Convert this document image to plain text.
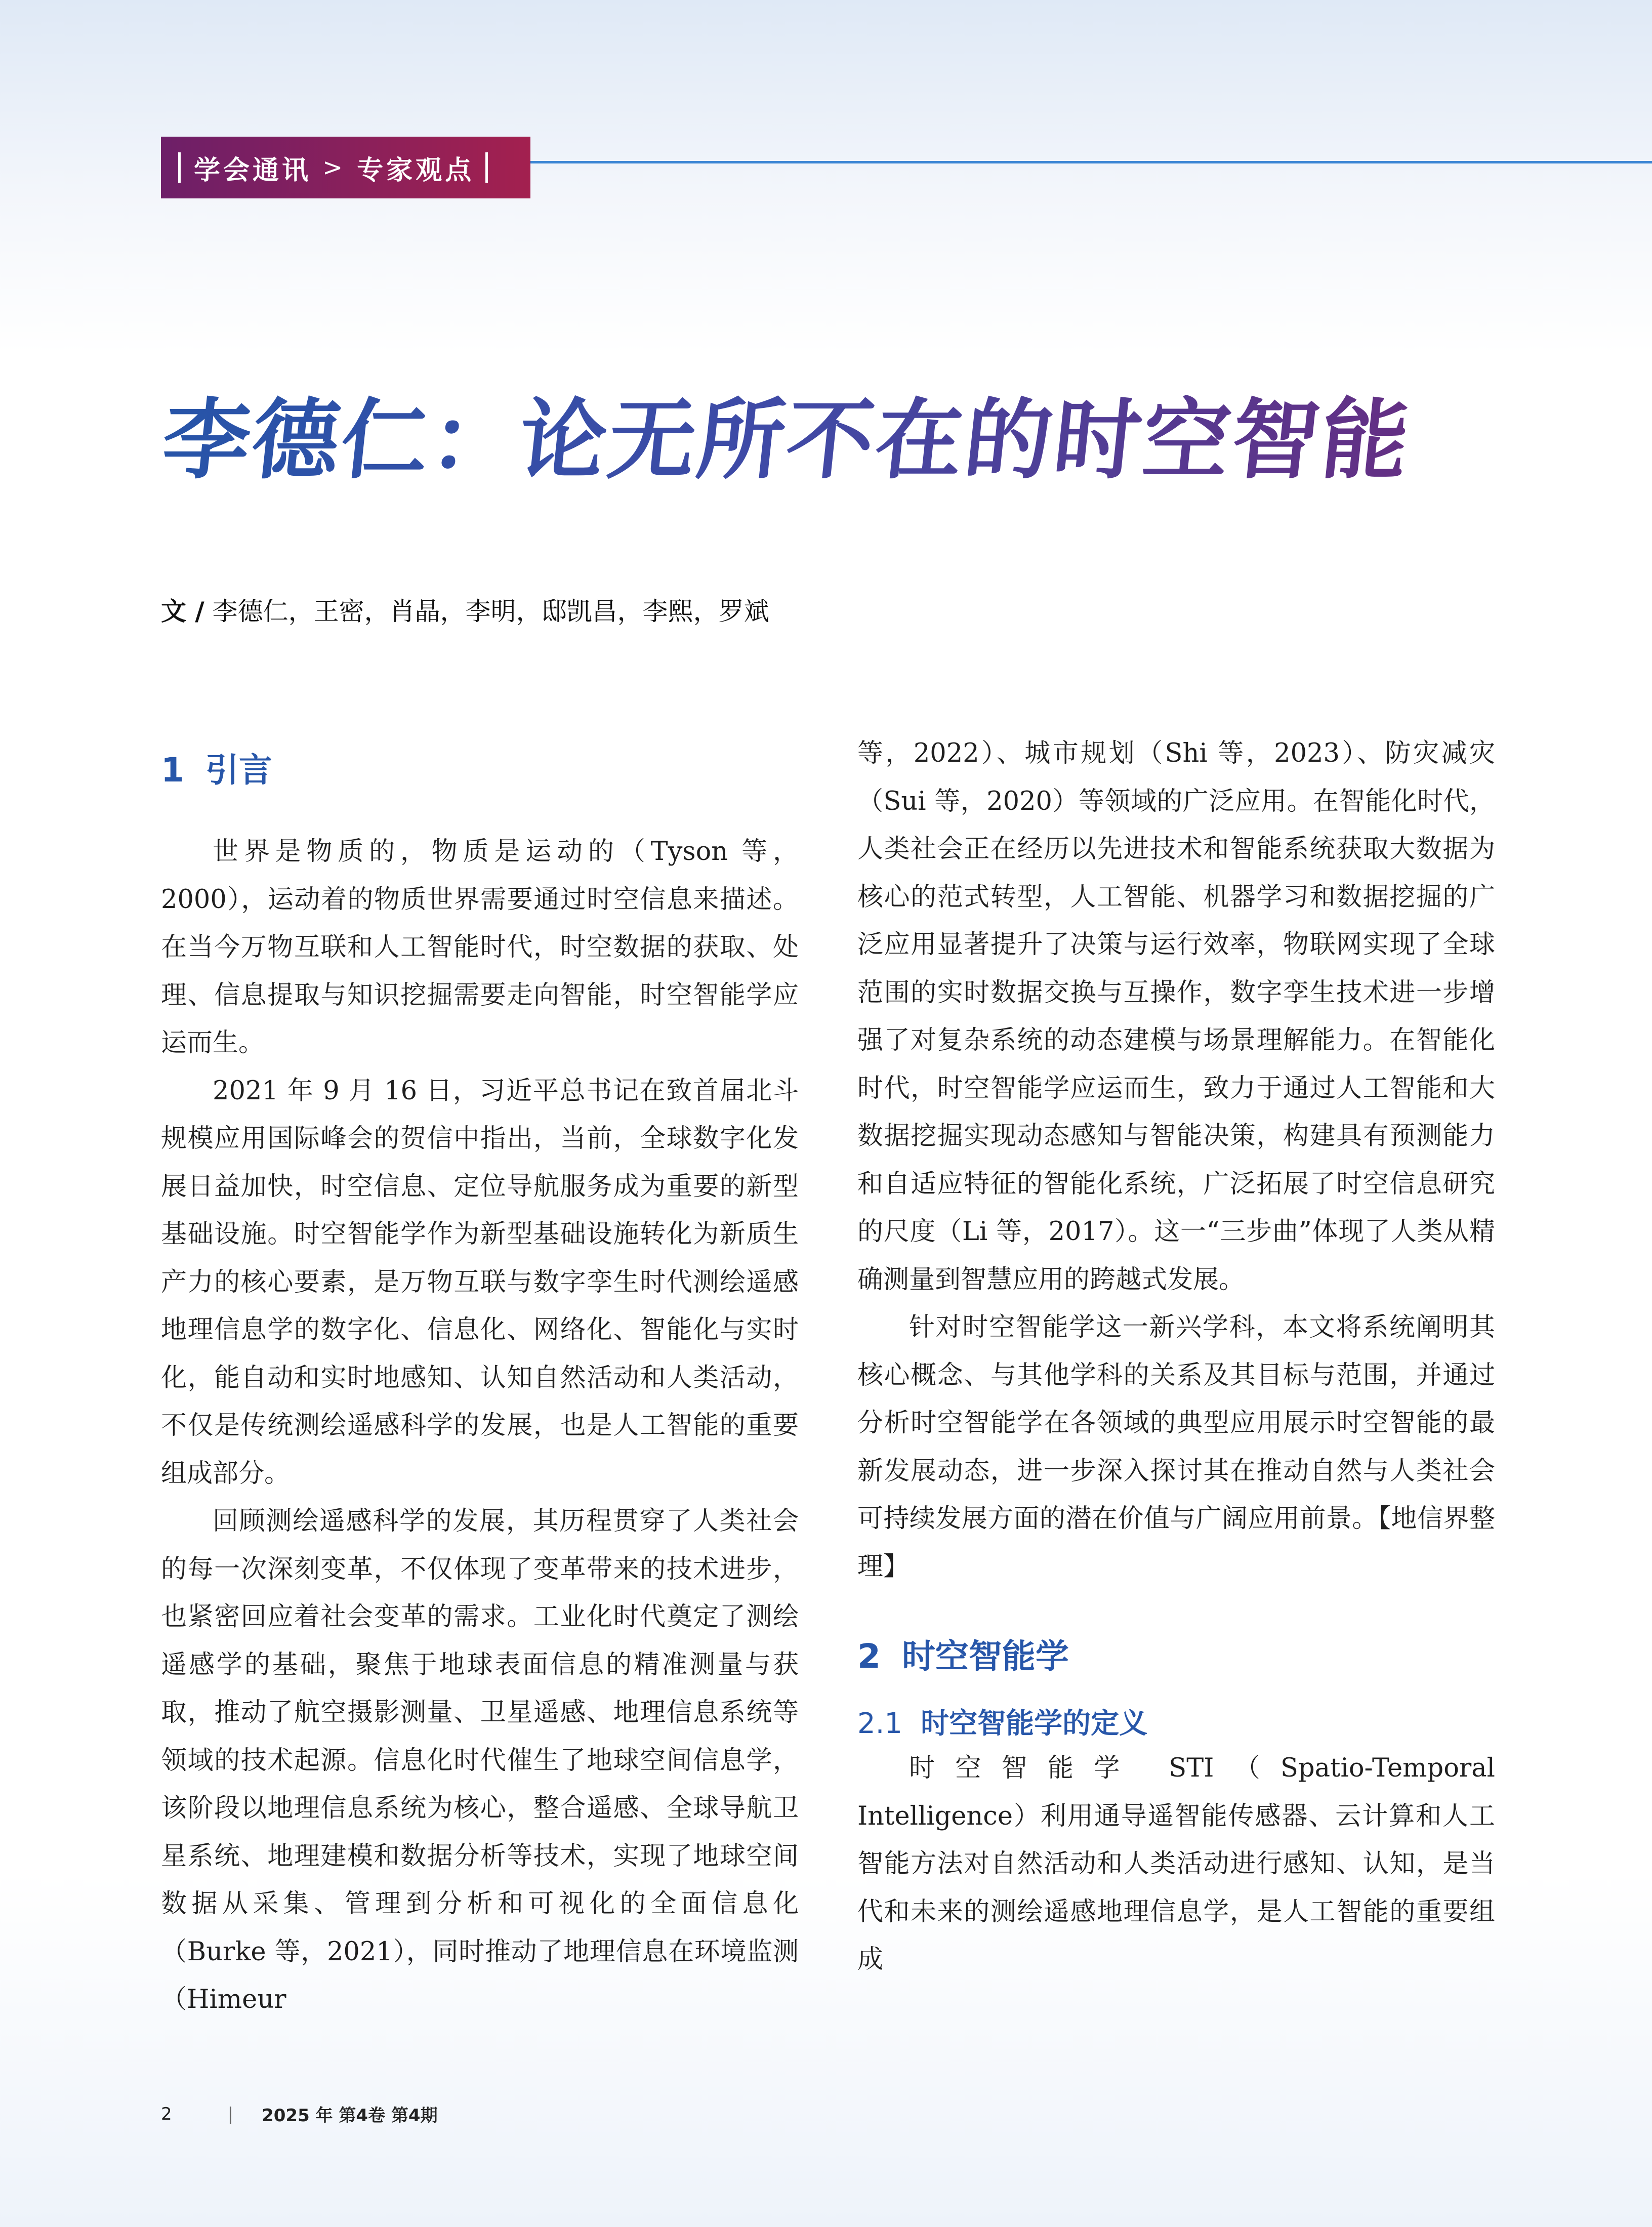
学会通讯 > 专家观点
李德仁：论无所不在的时空智能
文 / 李德仁，王密，肖晶，李明，邸凯昌，李熙，罗斌
1 引言

世界是物质的，物质是运动的（Tyson 等，2000），运动着的物质世界需要通过时空信息来描述。在当今万物互联和人工智能时代，时空数据的获取、处理、信息提取与知识挖掘需要走向智能，时空智能学应运而生。

2021 年 9 月 16 日，习近平总书记在致首届北斗规模应用国际峰会的贺信中指出，当前，全球数字化发展日益加快，时空信息、定位导航服务成为重要的新型基础设施。时空智能学作为新型基础设施转化为新质生产力的核心要素，是万物互联与数字孪生时代测绘遥感地理信息学的数字化、信息化、网络化、智能化与实时化，能自动和实时地感知、认知自然活动和人类活动，不仅是传统测绘遥感科学的发展，也是人工智能的重要组成部分。

回顾测绘遥感科学的发展，其历程贯穿了人类社会的每一次深刻变革，不仅体现了变革带来的技术进步，也紧密回应着社会变革的需求。工业化时代奠定了测绘遥感学的基础，聚焦于地球表面信息的精准测量与获取，推动了航空摄影测量、卫星遥感、地理信息系统等领域的技术起源。信息化时代催生了地球空间信息学，该阶段以地理信息系统为核心，整合遥感、全球导航卫星系统、地理建模和数据分析等技术，实现了地球空间数据从采集、管理到分析和可视化的全面信息化（Burke 等，2021），同时推动了地理信息在环境监测（Himeur

等，2022）、城市规划（Shi 等，2023）、防灾减灾（Sui 等，2020）等领域的广泛应用。在智能化时代，人类社会正在经历以先进技术和智能系统获取大数据为核心的范式转型，人工智能、机器学习和数据挖掘的广泛应用显著提升了决策与运行效率，物联网实现了全球范围的实时数据交换与互操作，数字孪生技术进一步增强了对复杂系统的动态建模与场景理解能力。在智能化时代，时空智能学应运而生，致力于通过人工智能和大数据挖掘实现动态感知与智能决策，构建具有预测能力和自适应特征的智能化系统，广泛拓展了时空信息研究的尺度（Li 等，2017）。这一“三步曲”体现了人类从精确测量到智慧应用的跨越式发展。

针对时空智能学这一新兴学科，本文将系统阐明其核心概念、与其他学科的关系及其目标与范围，并通过分析时空智能学在各领域的典型应用展示时空智能的最新发展动态，进一步深入探讨其在推动自然与人类社会可持续发展方面的潜在价值与广阔应用前景。【地信界整理】

2 时空智能学
2.1 时空智能学的定义

时空智能学 STI（Spatio-Temporal Intelligence）利用通导遥智能传感器、云计算和人工智能方法对自然活动和人类活动进行感知、认知，是当代和未来的测绘遥感地理信息学，是人工智能的重要组成

2	| 2025 年 第4卷 第4期
